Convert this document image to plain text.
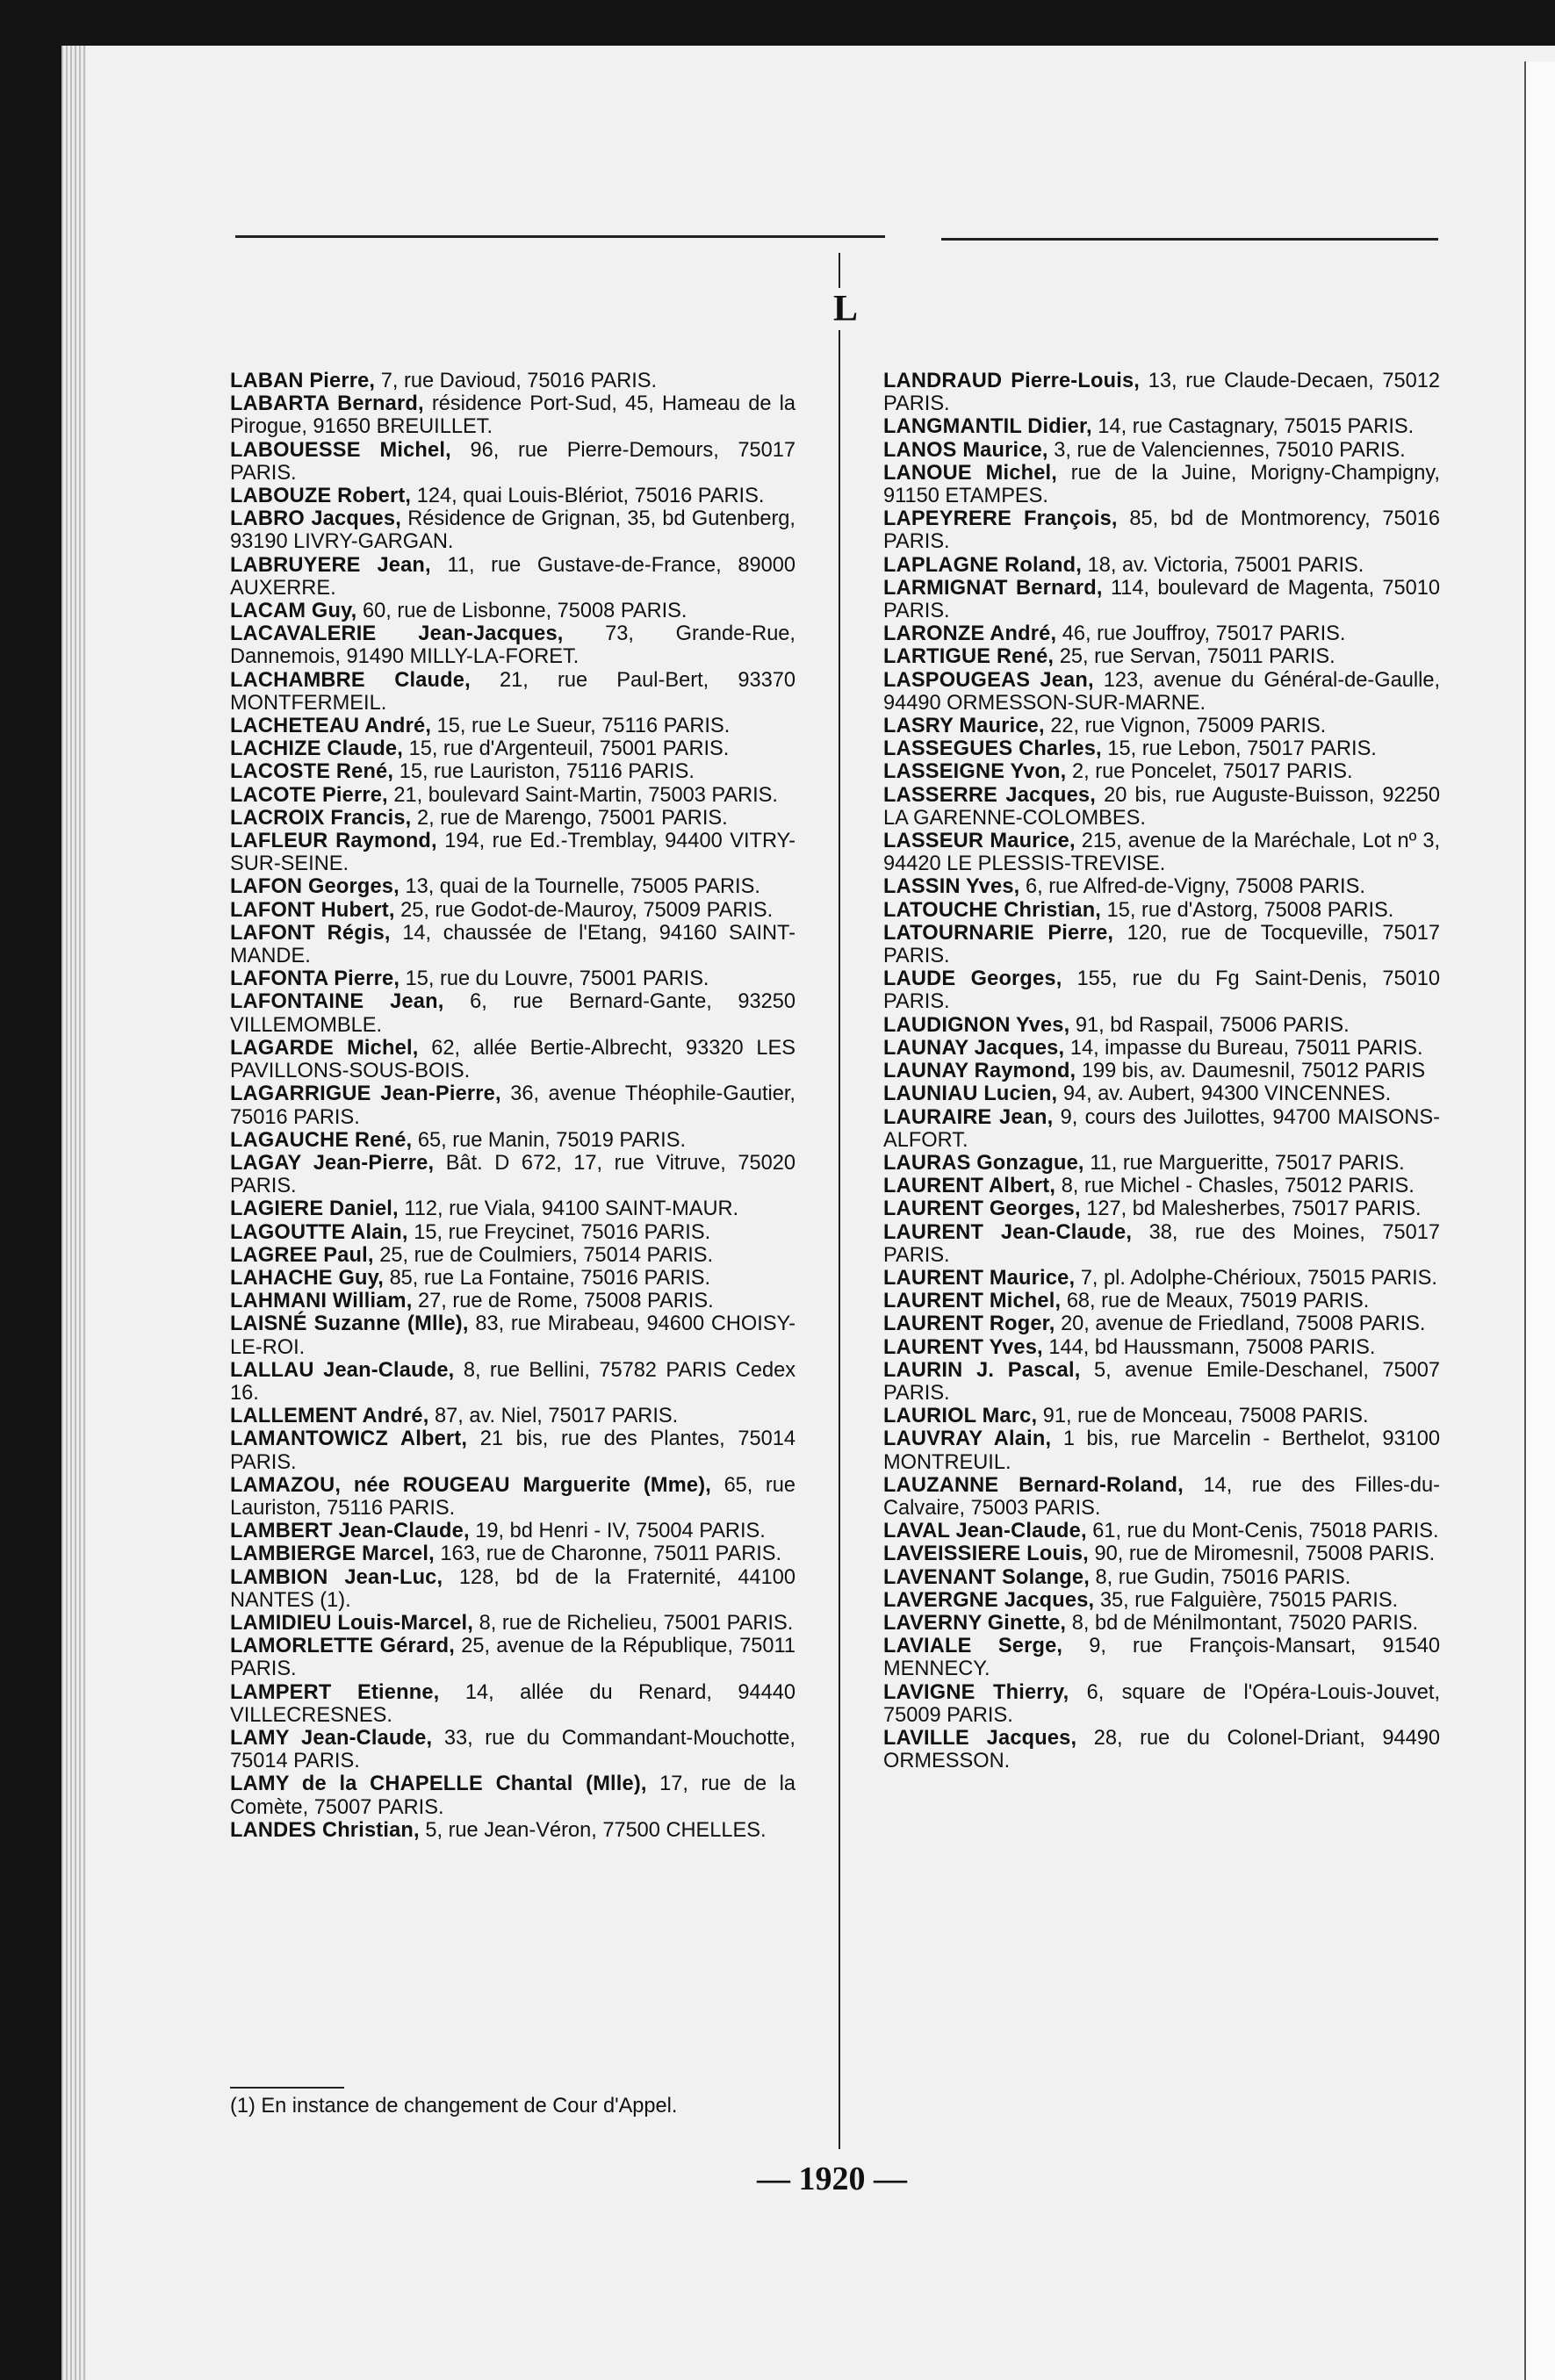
L

LABAN Pierre, 7, rue Davioud, 75016 PARIS.

LABARTA Bernard, résidence Port-Sud, 45, Hameau de la Pirogue, 91650 BREUILLET.

LABOUESSE Michel, 96, rue Pierre-Demours, 75017 PARIS.

LABOUZE Robert, 124, quai Louis-Blériot, 75016 PARIS.

LABRO Jacques, Résidence de Grignan, 35, bd Gutenberg, 93190 LIVRY-GARGAN.

LABRUYERE Jean, 11, rue Gustave-de-France, 89000 AUXERRE.

LACAM Guy, 60, rue de Lisbonne, 75008 PARIS.

LACAVALERIE Jean-Jacques, 73, Grande-Rue, Dannemois, 91490 MILLY-LA-FORET.

LACHAMBRE Claude, 21, rue Paul-Bert, 93370 MONTFERMEIL.

LACHETEAU André, 15, rue Le Sueur, 75116 PARIS.

LACHIZE Claude, 15, rue d'Argenteuil, 75001 PARIS.

LACOSTE René, 15, rue Lauriston, 75116 PARIS.

LACOTE Pierre, 21, boulevard Saint-Martin, 75003 PARIS.

LACROIX Francis, 2, rue de Marengo, 75001 PARIS.

LAFLEUR Raymond, 194, rue Ed.-Tremblay, 94400 VITRY-SUR-SEINE.

LAFON Georges, 13, quai de la Tournelle, 75005 PARIS.

LAFONT Hubert, 25, rue Godot-de-Mauroy, 75009 PARIS.

LAFONT Régis, 14, chaussée de l'Etang, 94160 SAINT-MANDE.

LAFONTA Pierre, 15, rue du Louvre, 75001 PARIS.

LAFONTAINE Jean, 6, rue Bernard-Gante, 93250 VILLEMOMBLE.

LAGARDE Michel, 62, allée Bertie-Albrecht, 93320 LES PAVILLONS-SOUS-BOIS.

LAGARRIGUE Jean-Pierre, 36, avenue Théophile-Gautier, 75016 PARIS.

LAGAUCHE René, 65, rue Manin, 75019 PARIS.

LAGAY Jean-Pierre, Bât. D 672, 17, rue Vitruve, 75020 PARIS.

LAGIERE Daniel, 112, rue Viala, 94100 SAINT-MAUR.

LAGOUTTE Alain, 15, rue Freycinet, 75016 PARIS.

LAGREE Paul, 25, rue de Coulmiers, 75014 PARIS.

LAHACHE Guy, 85, rue La Fontaine, 75016 PARIS.

LAHMANI William, 27, rue de Rome, 75008 PARIS.

LAISNÉ Suzanne (Mlle), 83, rue Mirabeau, 94600 CHOISY-LE-ROI.

LALLAU Jean-Claude, 8, rue Bellini, 75782 PARIS Cedex 16.

LALLEMENT André, 87, av. Niel, 75017 PARIS.

LAMANTOWICZ Albert, 21 bis, rue des Plantes, 75014 PARIS.

LAMAZOU, née ROUGEAU Marguerite (Mme), 65, rue Lauriston, 75116 PARIS.

LAMBERT Jean-Claude, 19, bd Henri - IV, 75004 PARIS.

LAMBIERGE Marcel, 163, rue de Charonne, 75011 PARIS.

LAMBION Jean-Luc, 128, bd de la Fraternité, 44100 NANTES (1).

LAMIDIEU Louis-Marcel, 8, rue de Richelieu, 75001 PARIS.

LAMORLETTE Gérard, 25, avenue de la République, 75011 PARIS.

LAMPERT Etienne, 14, allée du Renard, 94440 VILLECRESNES.

LAMY Jean-Claude, 33, rue du Commandant-Mouchotte, 75014 PARIS.

LAMY de la CHAPELLE Chantal (Mlle), 17, rue de la Comète, 75007 PARIS.

LANDES Christian, 5, rue Jean-Véron, 77500 CHELLES.

LANDRAUD Pierre-Louis, 13, rue Claude-Decaen, 75012 PARIS.

LANGMANTIL Didier, 14, rue Castagnary, 75015 PARIS.

LANOS Maurice, 3, rue de Valenciennes, 75010 PARIS.

LANOUE Michel, rue de la Juine, Morigny-Champigny, 91150 ETAMPES.

LAPEYRERE François, 85, bd de Montmorency, 75016 PARIS.

LAPLAGNE Roland, 18, av. Victoria, 75001 PARIS.

LARMIGNAT Bernard, 114, boulevard de Magenta, 75010 PARIS.

LARONZE André, 46, rue Jouffroy, 75017 PARIS.

LARTIGUE René, 25, rue Servan, 75011 PARIS.

LASPOUGEAS Jean, 123, avenue du Général-de-Gaulle, 94490 ORMESSON-SUR-MARNE.

LASRY Maurice, 22, rue Vignon, 75009 PARIS.

LASSEGUES Charles, 15, rue Lebon, 75017 PARIS.

LASSEIGNE Yvon, 2, rue Poncelet, 75017 PARIS.

LASSERRE Jacques, 20 bis, rue Auguste-Buisson, 92250 LA GARENNE-COLOMBES.

LASSEUR Maurice, 215, avenue de la Maréchale, Lot nº 3, 94420 LE PLESSIS-TREVISE.

LASSIN Yves, 6, rue Alfred-de-Vigny, 75008 PARIS.

LATOUCHE Christian, 15, rue d'Astorg, 75008 PARIS.

LATOURNARIE Pierre, 120, rue de Tocqueville, 75017 PARIS.

LAUDE Georges, 155, rue du Fg Saint-Denis, 75010 PARIS.

LAUDIGNON Yves, 91, bd Raspail, 75006 PARIS.

LAUNAY Jacques, 14, impasse du Bureau, 75011 PARIS.

LAUNAY Raymond, 199 bis, av. Daumesnil, 75012 PARIS

LAUNIAU Lucien, 94, av. Aubert, 94300 VINCENNES.

LAURAIRE Jean, 9, cours des Juilottes, 94700 MAISONS-ALFORT.

LAURAS Gonzague, 11, rue Margueritte, 75017 PARIS.

LAURENT Albert, 8, rue Michel - Chasles, 75012 PARIS.

LAURENT Georges, 127, bd Malesherbes, 75017 PARIS.

LAURENT Jean-Claude, 38, rue des Moines, 75017 PARIS.

LAURENT Maurice, 7, pl. Adolphe-Chérioux, 75015 PARIS.

LAURENT Michel, 68, rue de Meaux, 75019 PARIS.

LAURENT Roger, 20, avenue de Friedland, 75008 PARIS.

LAURENT Yves, 144, bd Haussmann, 75008 PARIS.

LAURIN J. Pascal, 5, avenue Emile-Deschanel, 75007 PARIS.

LAURIOL Marc, 91, rue de Monceau, 75008 PARIS.

LAUVRAY Alain, 1 bis, rue Marcelin - Berthelot, 93100 MONTREUIL.

LAUZANNE Bernard-Roland, 14, rue des Filles-du-Calvaire, 75003 PARIS.

LAVAL Jean-Claude, 61, rue du Mont-Cenis, 75018 PARIS.

LAVEISSIERE Louis, 90, rue de Miromesnil, 75008 PARIS.

LAVENANT Solange, 8, rue Gudin, 75016 PARIS.

LAVERGNE Jacques, 35, rue Falguière, 75015 PARIS.

LAVERNY Ginette, 8, bd de Ménilmontant, 75020 PARIS.

LAVIALE Serge, 9, rue François-Mansart, 91540 MENNECY.

LAVIGNE Thierry, 6, square de l'Opéra-Louis-Jouvet, 75009 PARIS.

LAVILLE Jacques, 28, rue du Colonel-Driant, 94490 ORMESSON.

(1) En instance de changement de Cour d'Appel.
— 1920 —
